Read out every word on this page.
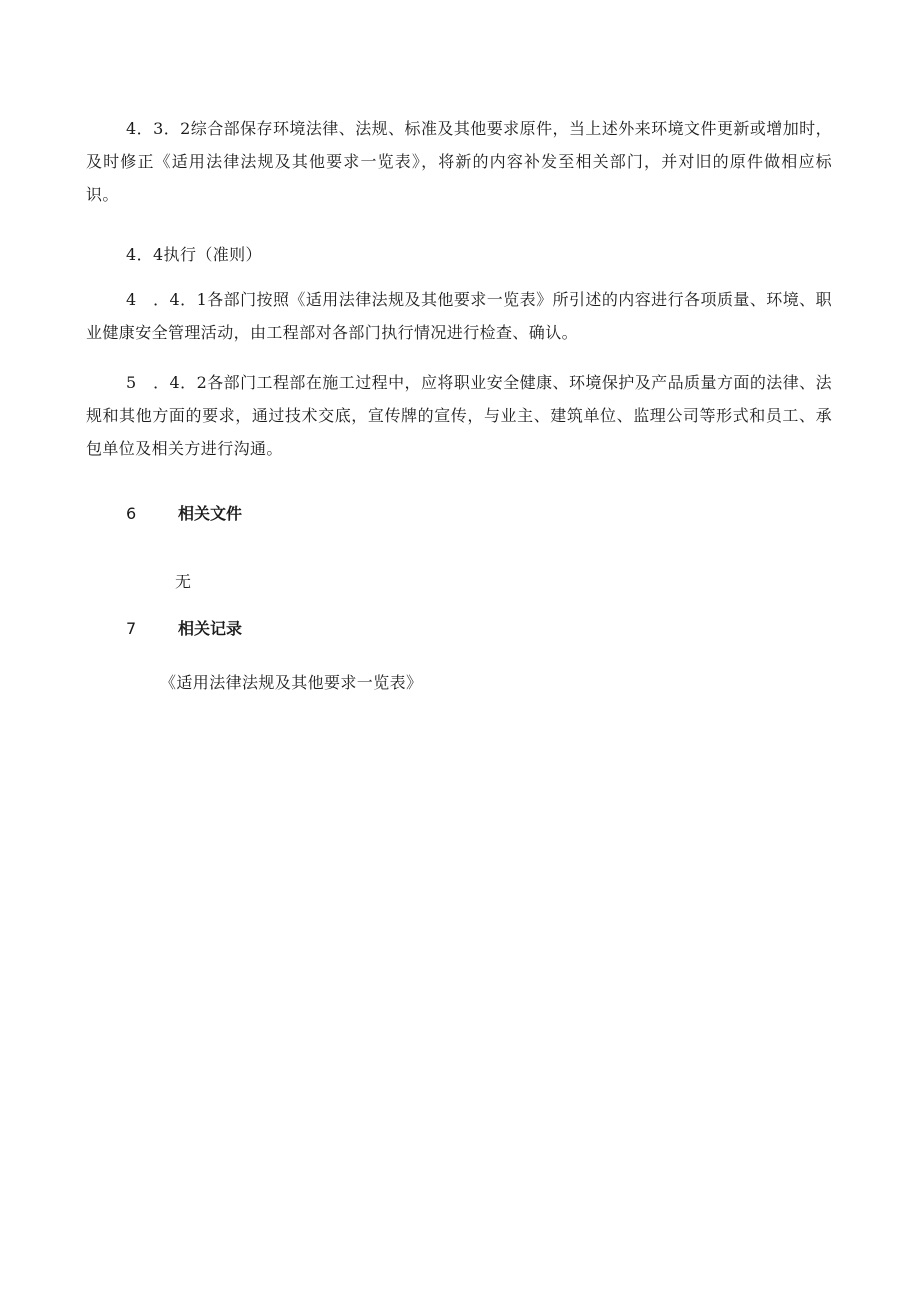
4．3．2综合部保存环境法律、法规、标准及其他要求原件，当上述外来环境文件更新或增加时，及时修正《适用法律法规及其他要求一览表》，将新的内容补发至相关部门，并对旧的原件做相应标识。

4．4执行（准则）

4　．4．1各部门按照《适用法律法规及其他要求一览表》所引述的内容进行各项质量、环境、职业健康安全管理活动，由工程部对各部门执行情况进行检查、确认。

5　．4．2各部门工程部在施工过程中，应将职业安全健康、环境保护及产品质量方面的法律、法规和其他方面的要求，通过技术交底，宣传牌的宣传，与业主、建筑单位、监理公司等形式和员工、承包单位及相关方进行沟通。

6	相关文件
无
7	相关记录
《适用法律法规及其他要求一览表》
